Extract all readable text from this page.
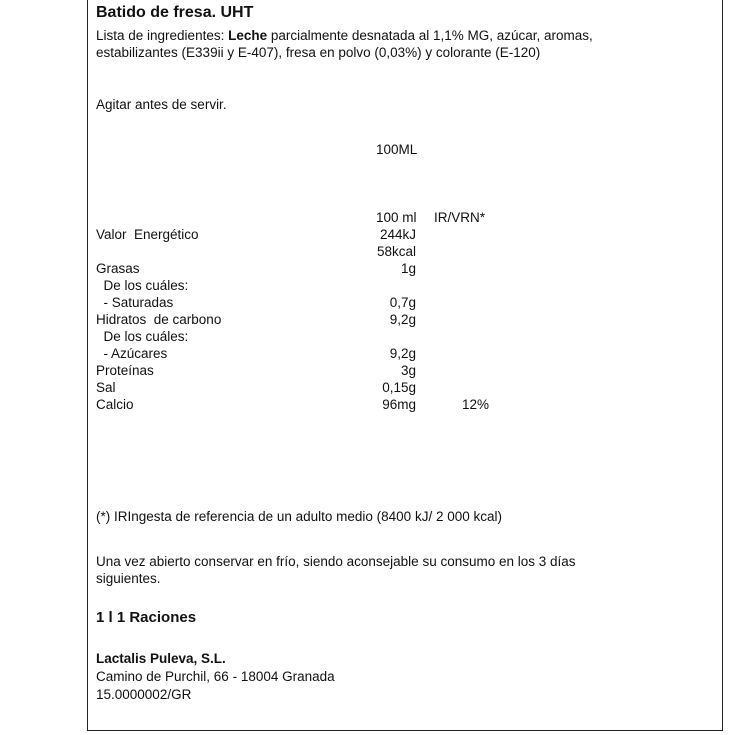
Batido de fresa. UHT
Lista de ingredientes: Leche parcialmente desnatada al 1,1% MG, azúcar, aromas, estabilizantes (E339ii y E-407), fresa en polvo (0,03%) y colorante (E-120)
Agitar antes de servir.
100ML
100 ml IR/VRN*
Valor  Energético	244kJ
58kcal
Grasas	1g
De los cuáles:
- Saturadas	0,7g
Hidratos  de carbono	9,2g
De los cuáles:
- Azúcares	9,2g
Proteínas	3g
Sal	0,15g
Calcio	96mg	12%
(*) IRIngesta de referencia de un adulto medio (8400 kJ/ 2 000 kcal)
Una vez abierto conservar en frío, siendo aconsejable su consumo en los 3 días siguientes.
1 l 1 Raciones
Lactalis Puleva, S.L.
Camino de Purchil, 66 - 18004 Granada
15.0000002/GR
